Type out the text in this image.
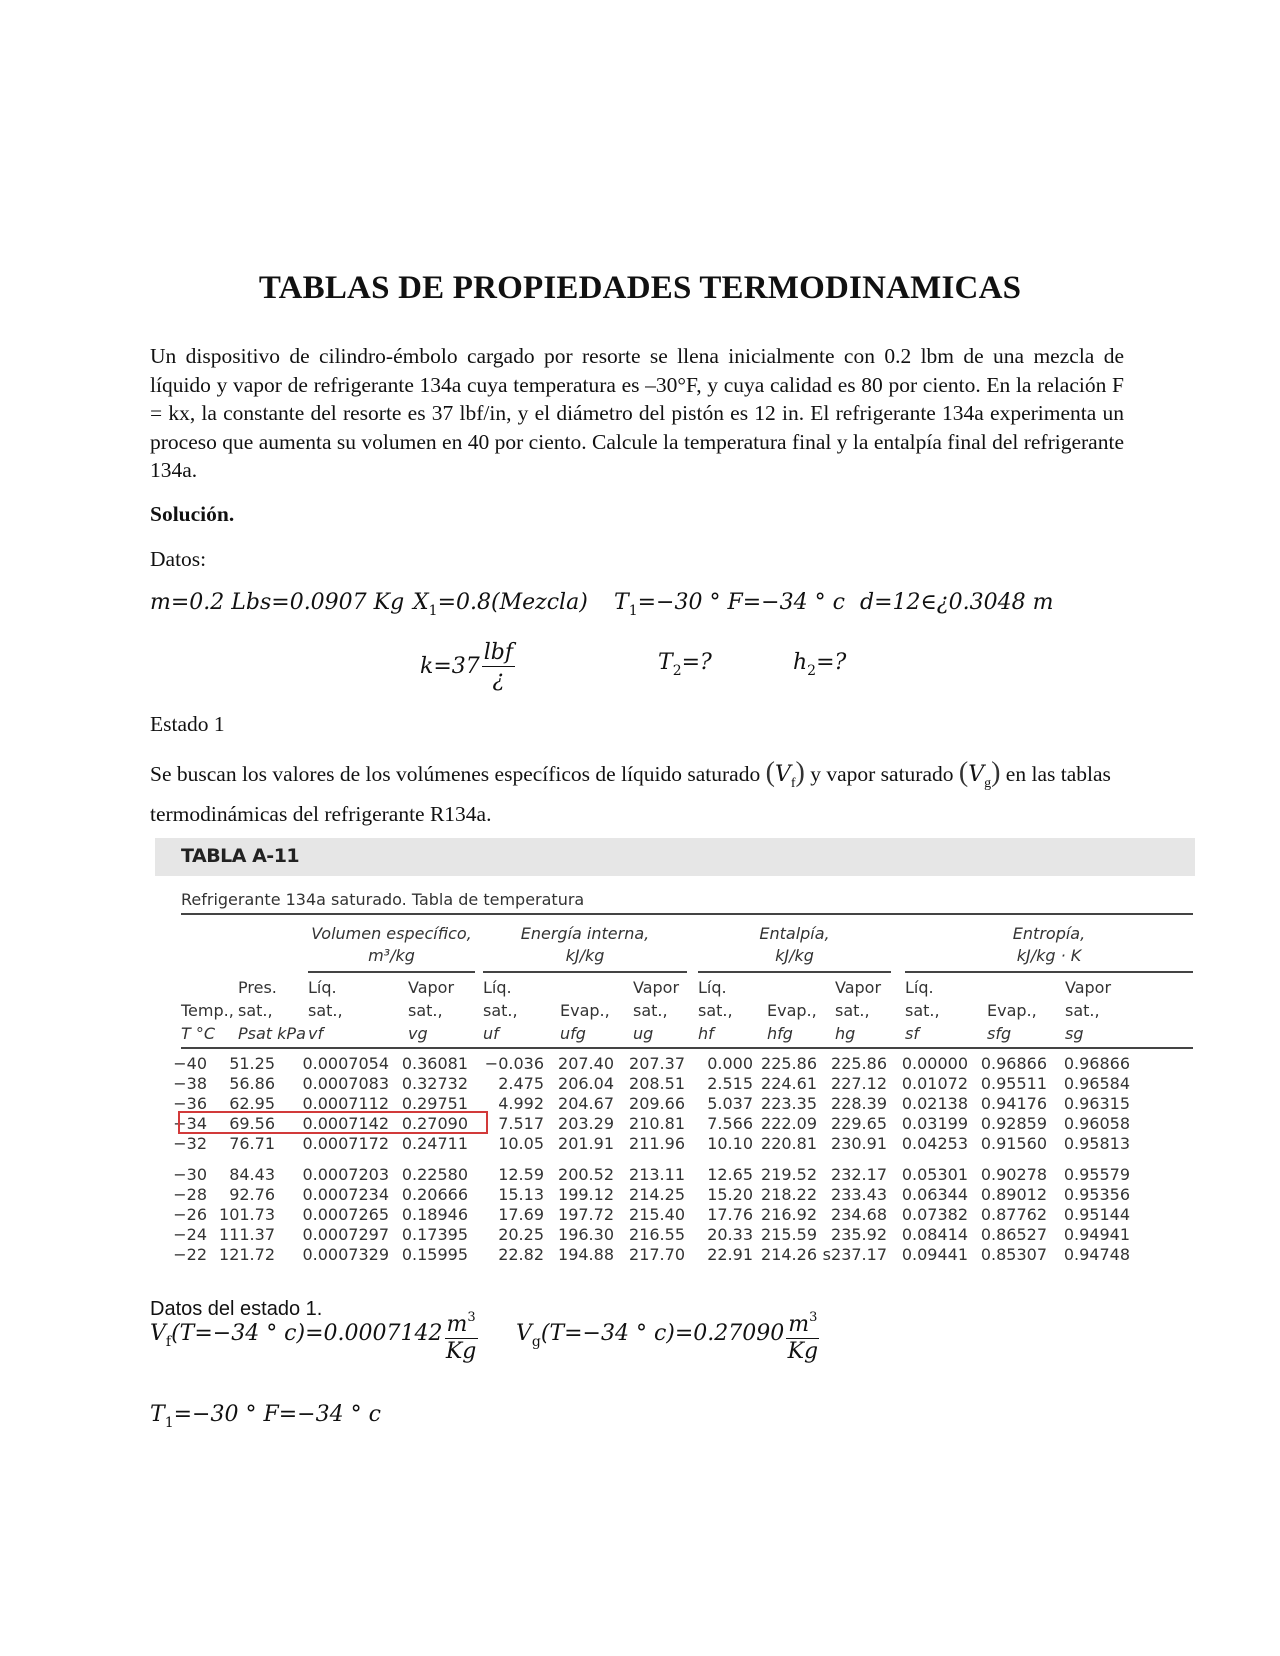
TABLAS DE PROPIEDADES TERMODINAMICAS
Un dispositivo de cilindro-émbolo cargado por resorte se llena inicialmente con 0.2 lbm de una mezcla de líquido y vapor de refrigerante 134a cuya temperatura es –30°F, y cuya calidad es 80 por ciento. En la relación F = kx, la constante del resorte es 37 lbf/in, y el diámetro del pistón es 12 in. El refrigerante 134a experimenta un proceso que aumenta su volumen en 40 por ciento. Calcule la temperatura final y la entalpía final del refrigerante 134a.
Solución.
Datos:
m=0.2 Lbs=0.0907 Kg $X_1=0.8(Mezcla)$ $T_1=-30$ ° F=−34 ° c d=12∈¿0.3048 m
$k=37 \frac{\text{lbf}}{¿}$	$T_2=$?	$h_2=$?
Estado 1
Se buscan los valores de los volúmenes específicos de líquido saturado $(V_f)$ y vapor saturado $(V_g)$ en las tablas termodinámicas del refrigerante R134a.
TABLA A-11
Refrigerante 134a saturado. Tabla de temperatura
Volumen específico,
m³/kg
Energía interna,
kJ/kg
Entalpía,
kJ/kg
Entropía,
kJ/kg · K
Temp.,
T °C
Pres.
sat.,
Psat kPa
Líq.
sat.,
vf
Vapor
sat.,
vg
Líq.
sat.,
uf
Evap.,
ufg
Vapor
sat.,
ug
Líq.
sat.,
hf
Evap.,
hfg
Vapor
sat.,
hg
Líq.
sat.,
sf
Evap.,
sfg
Vapor
sat.,
sg
−40 51.25 0.0007054 0.36081 −0.036 207.40 207.37 0.000 225.86 225.86 0.00000 0.96866 0.96866
−38 56.86 0.0007083 0.32732 2.475 206.04 208.51 2.515 224.61 227.12 0.01072 0.95511 0.96584
−36 62.95 0.0007112 0.29751 4.992 204.67 209.66 5.037 223.35 228.39 0.02138 0.94176 0.96315
−34 69.56 0.0007142 0.27090 7.517 203.29 210.81 7.566 222.09 229.65 0.03199 0.92859 0.96058
−32 76.71 0.0007172 0.24711 10.05 201.91 211.96 10.10 220.81 230.91 0.04253 0.91560 0.95813
−30 84.43 0.0007203 0.22580 12.59 200.52 213.11 12.65 219.52 232.17 0.05301 0.90278 0.95579
−28 92.76 0.0007234 0.20666 15.13 199.12 214.25 15.20 218.22 233.43 0.06344 0.89012 0.95356
−26 101.73 0.0007265 0.18946 17.69 197.72 215.40 17.76 216.92 234.68 0.07382 0.87762 0.95144
−24 111.37 0.0007297 0.17395 20.25 196.30 216.55 20.33 215.59 235.92 0.08414 0.86527 0.94941
−22 121.72 0.0007329 0.15995 22.82 194.88 217.70 22.91 214.26 s237.17 0.09441 0.85307 0.94748
Datos del estado 1.
$V_f(T=-34$ ° $c)=0.0007142 \frac{m^3}{Kg} V_g(T=-34$ ° $c)=0.27090 \frac{m^3}{Kg}$
$T_1=-30$ ° F=−34 ° c
